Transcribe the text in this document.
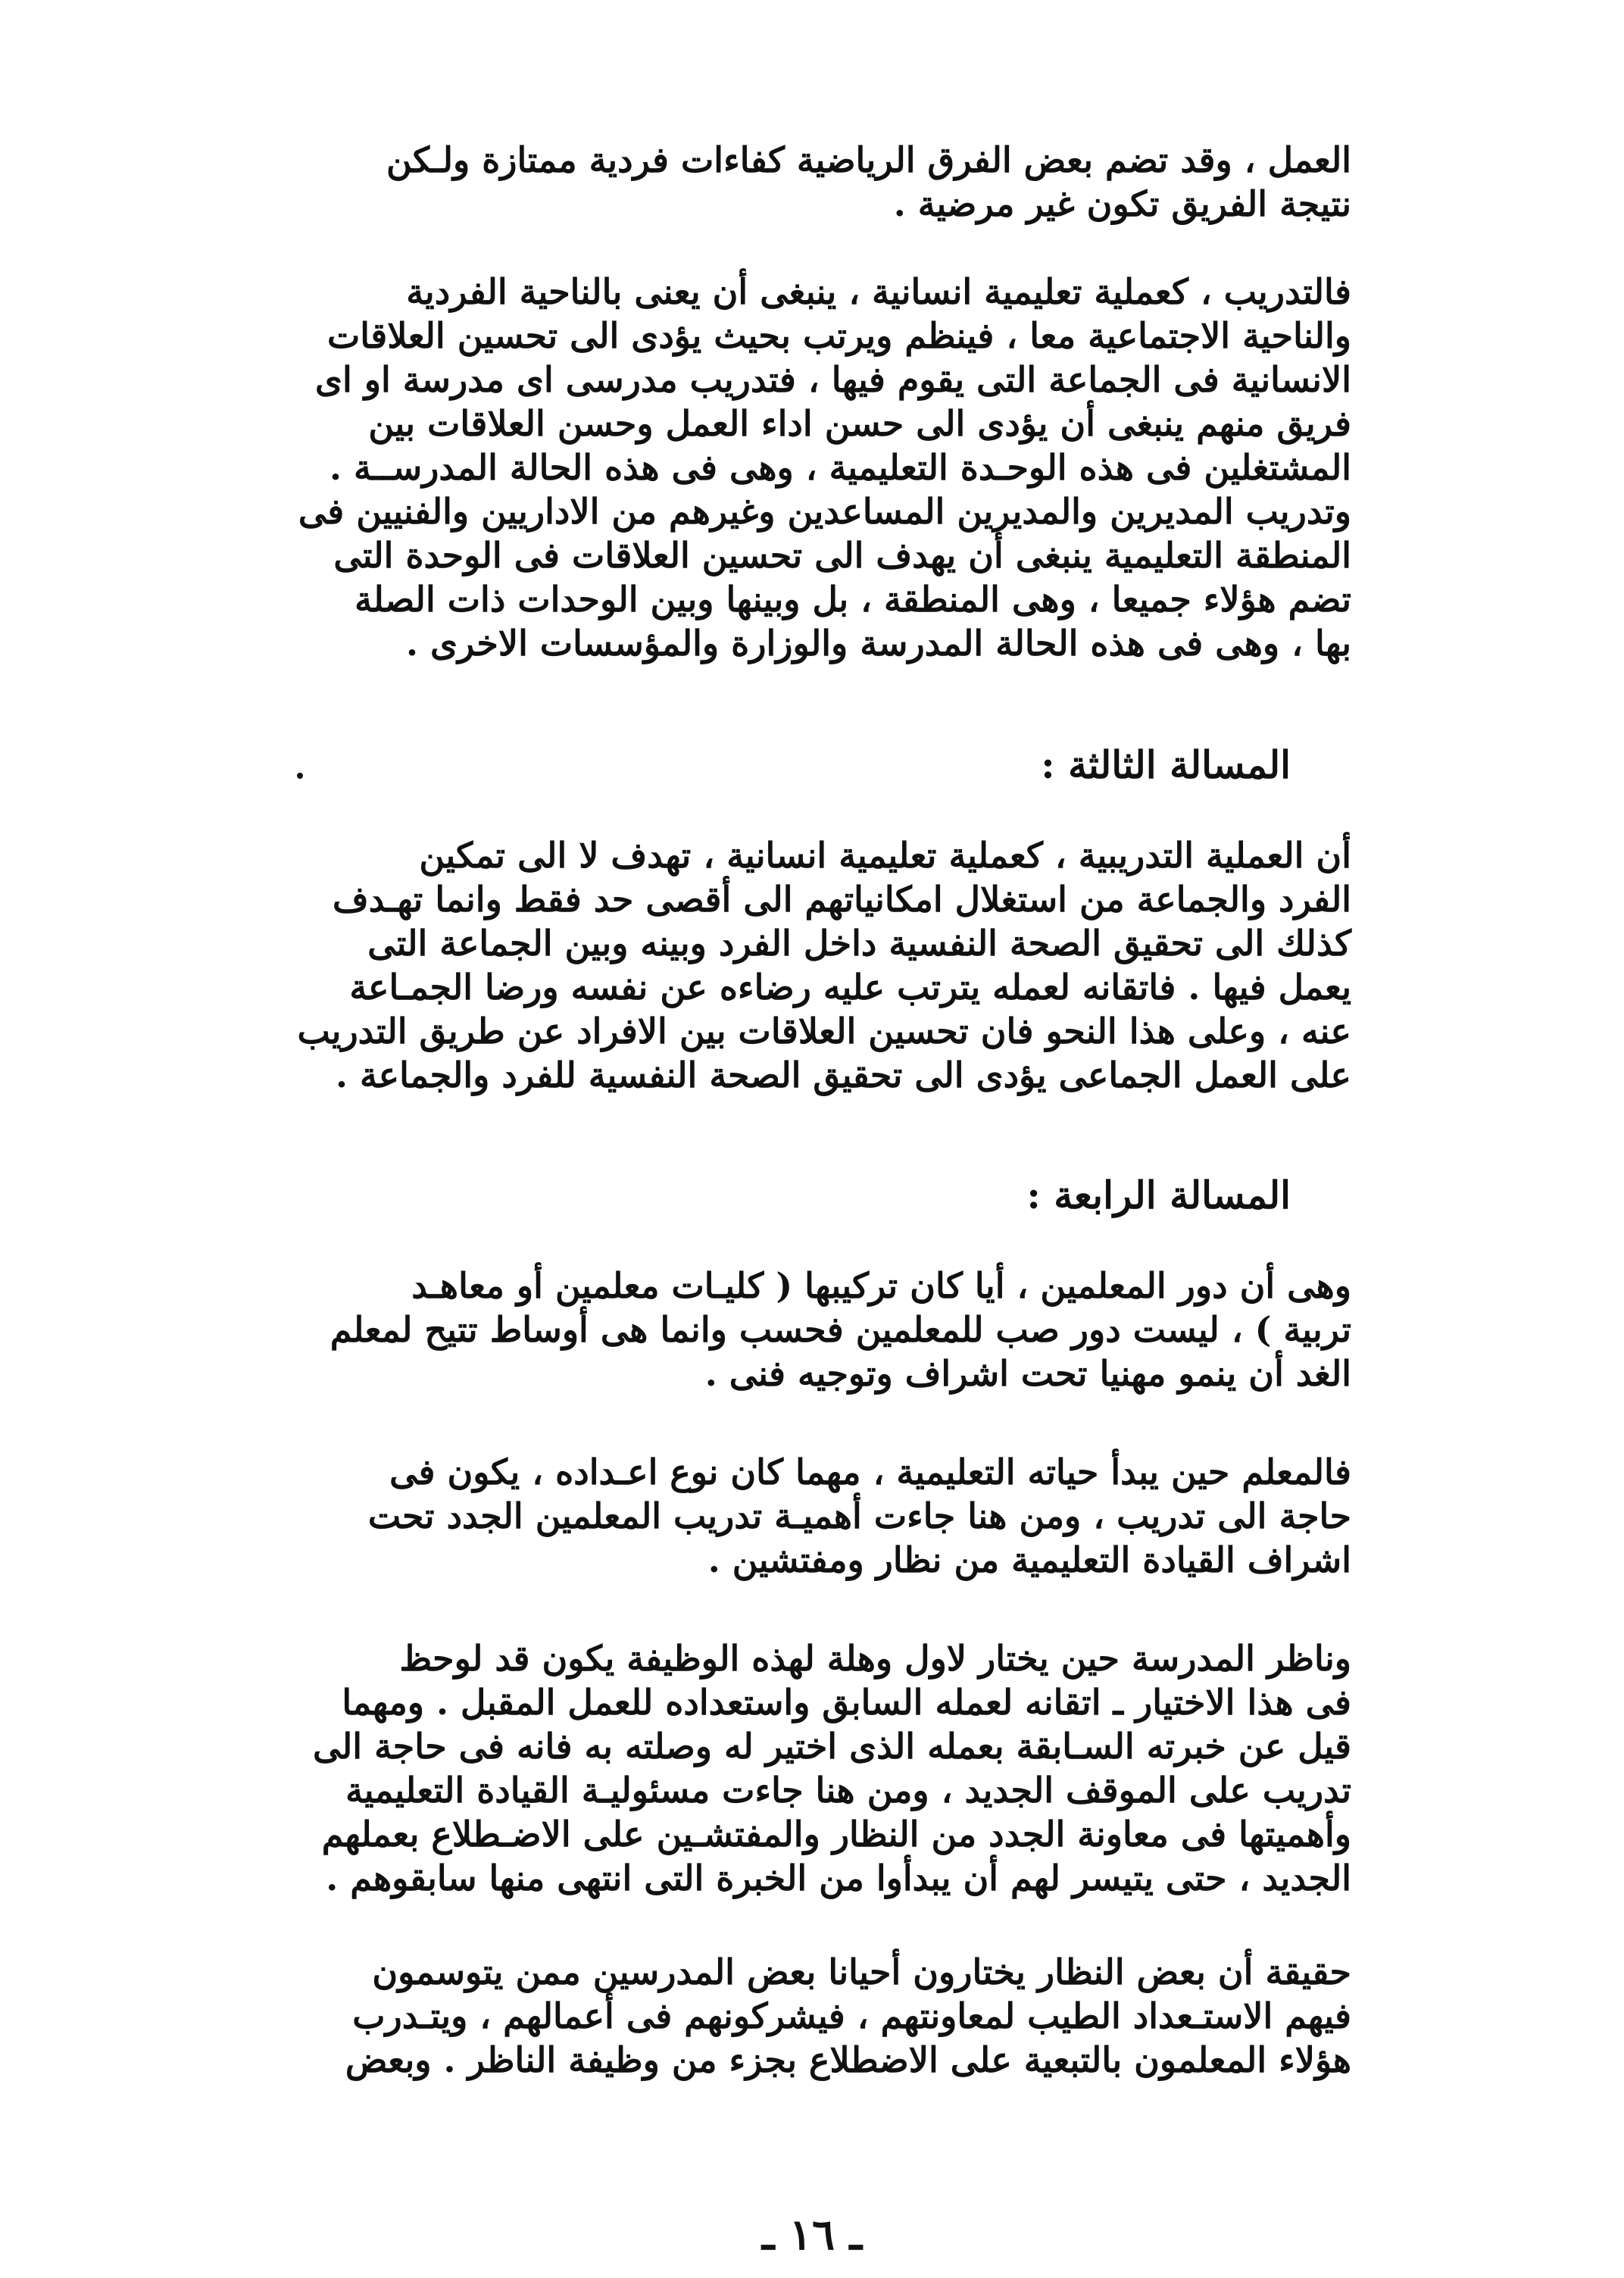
العمل ، وقد تضم بعض الفرق الرياضية كفاءات فردية ممتازة ولـكن
نتيجة الفريق تكون غير مرضية .
فالتدريب ، كعملية تعليمية انسانية ، ينبغى أن يعنى بالناحية الفردية
والناحية الاجتماعية معا ، فينظم ويرتب بحيث يؤدى الى تحسين العلاقات
الانسانية فى الجماعة التى يقوم فيها ، فتدريب مدرسى اى مدرسة او اى
فريق منهم ينبغى أن يؤدى الى حسن اداء العمل وحسن العلاقات بين
المشتغلين فى هذه الوحـدة التعليمية ، وهى فى هذه الحالة المدرســة .
وتدريب المديرين والمديرين المساعدين وغيرهم من الاداريين والفنيين فى
المنطقة التعليمية ينبغى أن يهدف الى تحسين العلاقات فى الوحدة التى
تضم هؤلاء جميعا ، وهى المنطقة ، بل وبينها وبين الوحدات ذات الصلة
بها ، وهى فى هذه الحالة المدرسة والوزارة والمؤسسات الاخرى .
المسالة الثالثة :
أن العملية التدريبية ، كعملية تعليمية انسانية ، تهدف لا الى تمكين
الفرد والجماعة من استغلال امكانياتهم الى أقصى حد فقط وانما تهـدف
كذلك الى تحقيق الصحة النفسية داخل الفرد وبينه وبين الجماعة التى
يعمل فيها . فاتقانه لعمله يترتب عليه رضاءه عن نفسه ورضا الجمـاعة
عنه ، وعلى هذا النحو فان تحسين العلاقات بين الافراد عن طريق التدريب
على العمل الجماعى يؤدى الى تحقيق الصحة النفسية للفرد والجماعة .
المسالة الرابعة :
وهى أن دور المعلمين ، أيا كان تركيبها ( كليـات معلمين أو معاهـد
تربية ) ، ليست دور صب للمعلمين فحسب وانما هى أوساط تتيح لمعلم
الغد أن ينمو مهنيا تحت اشراف وتوجيه فنى .
فالمعلم حين يبدأ حياته التعليمية ، مهما كان نوع اعـداده ، يكون فى
حاجة الى تدريب ، ومن هنا جاءت أهميـة تدريب المعلمين الجدد تحت
اشراف القيادة التعليمية من نظار ومفتشين .
وناظر المدرسة حين يختار لاول وهلة لهذه الوظيفة يكون قد لوحظ
فى هذا الاختيار ـ اتقانه لعمله السابق واستعداده للعمل المقبل . ومهما
قيل عن خبرته السـابقة بعمله الذى اختير له وصلته به فانه فى حاجة الى
تدريب على الموقف الجديد ، ومن هنا جاءت مسئوليـة القيادة التعليمية
وأهميتها فى معاونة الجدد من النظار والمفتشـين على الاضـطلاع بعملهم
الجديد ، حتى يتيسر لهم أن يبدأوا من الخبرة التى انتهى منها سابقوهم .
حقيقة أن بعض النظار يختارون أحيانا بعض المدرسين ممن يتوسمون
فيهم الاستـعداد الطيب لمعاونتهم ، فيشركونهم فى أعمالهم ، ويتـدرب
هؤلاء المعلمون بالتبعية على الاضطلاع بجزء من وظيفة الناظر . وبعض
ـ ١٦ ـ
